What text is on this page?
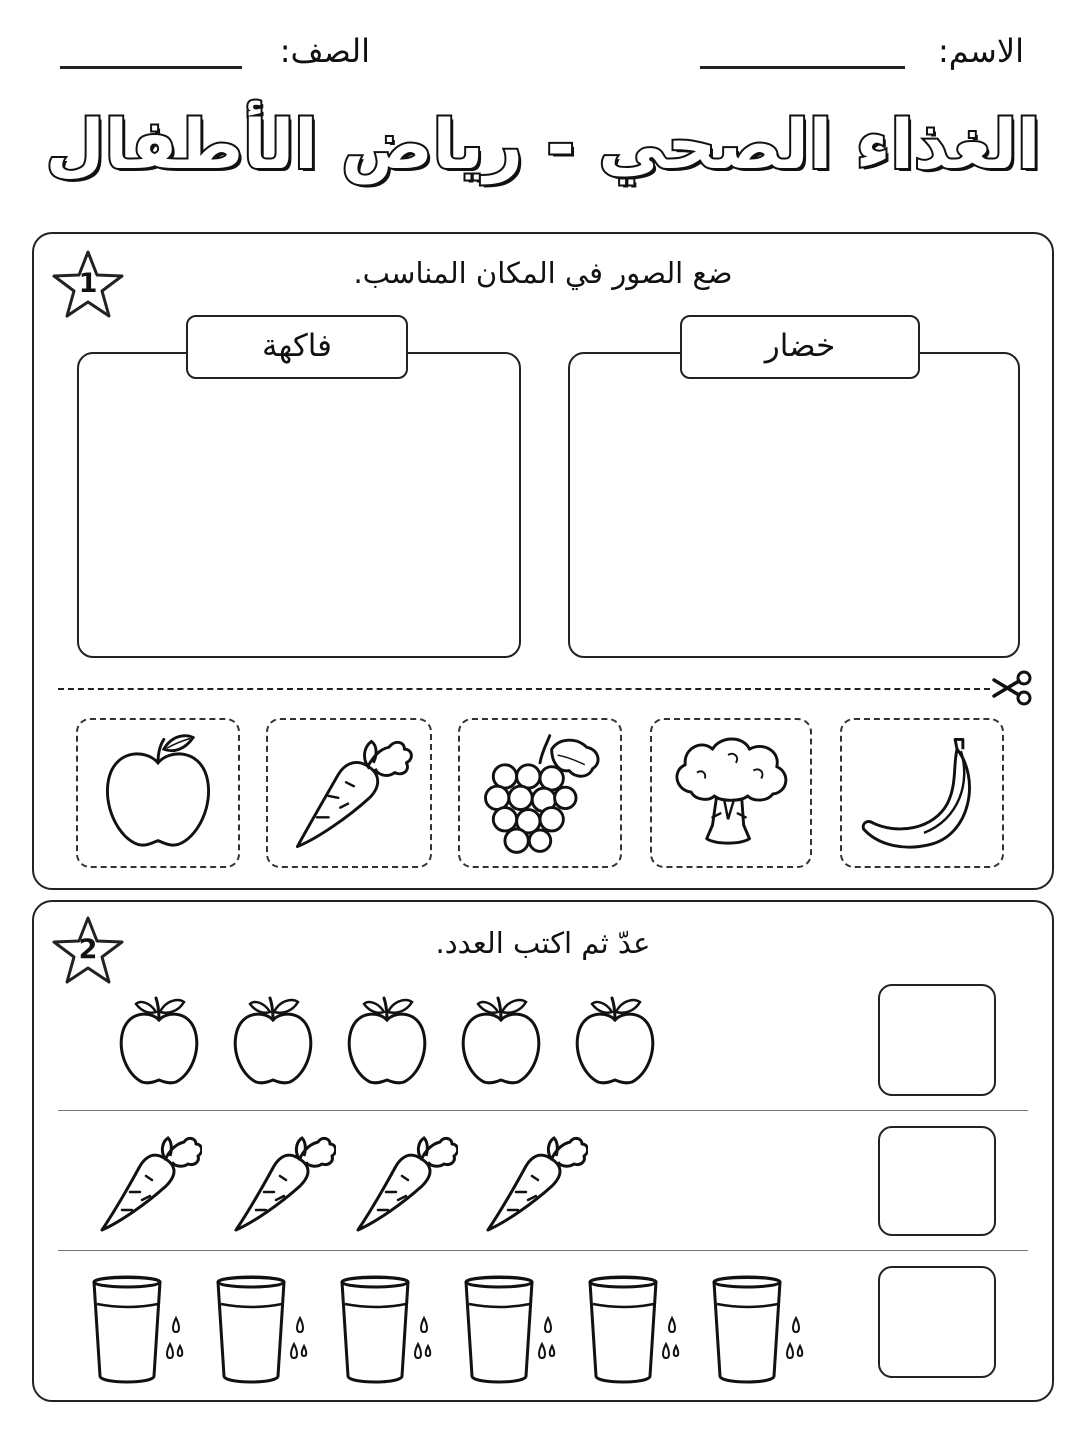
الاسم:
الصف:
الغذاء الصحي - رياض الأطفال
1	ضع الصور في المكان المناسب.
فاكهة	خضار
2	عدّ ثم اكتب العدد.
